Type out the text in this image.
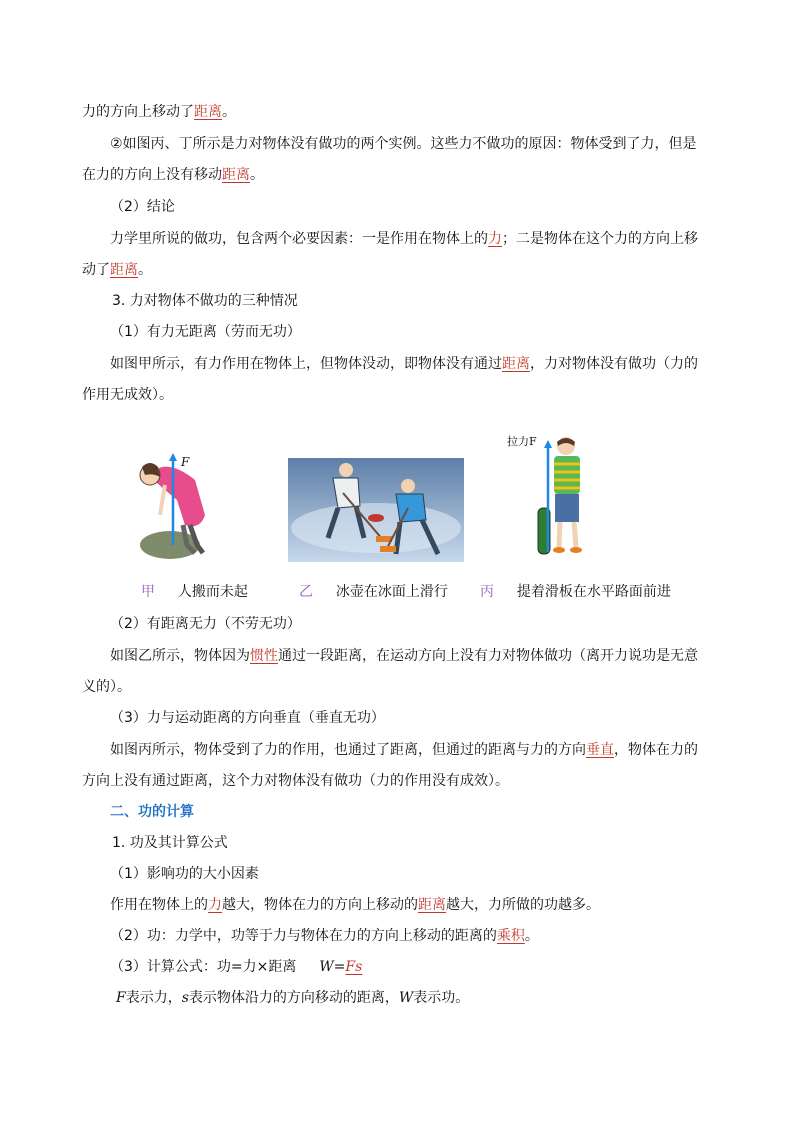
力的方向上移动了距离。
②如图丙、丁所示是力对物体没有做功的两个实例。这些力不做功的原因：物体受到了力，但是
在力的方向上没有移动距离。
（2）结论
力学里所说的做功，包含两个必要因素：一是作用在物体上的力；二是物体在这个力的方向上移
动了距离。
3. 力对物体不做功的三种情况
（1）有力无距离（劳而无功）
如图甲所示，有力作用在物体上，但物体没动，即物体没有通过距离，力对物体没有做功（力的
作用无成效）。
F
拉力F
甲 人搬而未起	乙 冰壶在冰面上滑行 丙 提着滑板在水平路面前进
（2）有距离无力（不劳无功）
如图乙所示，物体因为惯性通过一段距离，在运动方向上没有力对物体做功（离开力说功是无意
义的）。
（3）力与运动距离的方向垂直（垂直无功）
如图丙所示，物体受到了力的作用，也通过了距离，但通过的距离与力的方向垂直，物体在力的
方向上没有通过距离，这个力对物体没有做功（力的作用没有成效）。
二、功的计算
1. 功及其计算公式
（1）影响功的大小因素
作用在物体上的力越大，物体在力的方向上移动的距离越大，力所做的功越多。
（2）功：力学中，功等于力与物体在力的方向上移动的距离的乘积。
（3）计算公式：功=力×距离 W=Fs
F表示力，s表示物体沿力的方向移动的距离，W表示功。
